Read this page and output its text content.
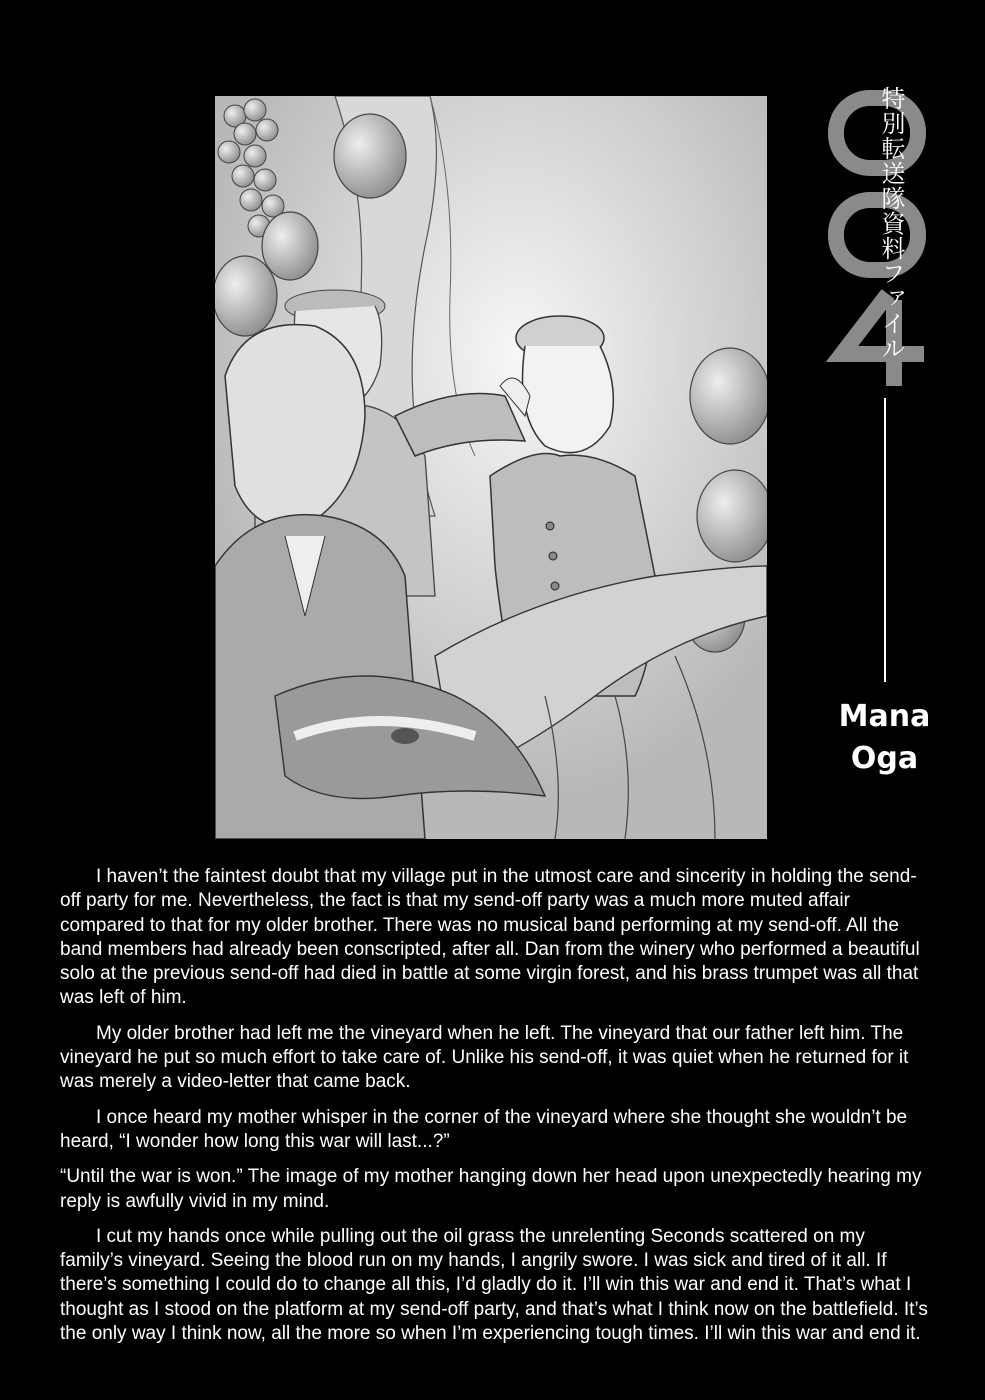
特別転送隊資料ファイル
Mana
Oga

I haven’t the faintest doubt that my village put in the utmost care and sincerity in holding the send-off party for me. Nevertheless, the fact is that my send-off party was a much more muted affair compared to that for my older brother. There was no musical band performing at my send-off. All the band members had already been conscripted, after all. Dan from the winery who performed a beautiful solo at the previous send-off had died in battle at some virgin forest, and his brass trumpet was all that was left of him.

My older brother had left me the vineyard when he left. The vineyard that our father left him. The vineyard he put so much effort to take care of. Unlike his send-off, it was quiet when he returned for it was merely a video-letter that came back.

I once heard my mother whisper in the corner of the vineyard where she thought she wouldn’t be heard, “I wonder how long this war will last...?”

“Until the war is won.” The image of my mother hanging down her head upon unexpectedly hearing my reply is awfully vivid in my mind.

I cut my hands once while pulling out the oil grass the unrelenting Seconds scattered on my family’s vineyard. Seeing the blood run on my hands, I angrily swore. I was sick and tired of it all. If there’s something I could do to change all this, I’d gladly do it. I’ll win this war and end it. That’s what I thought as I stood on the platform at my send-off party, and that’s what I think now on the battlefield. It’s the only way I think now, all the more so when I’m experiencing tough times. I’ll win this war and end it.
